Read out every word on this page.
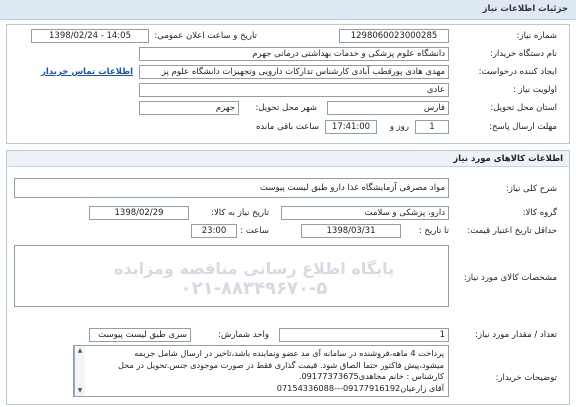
جزئیات اطلاعات نیاز
شماره نیاز:
1298060023000285
تاریخ و ساعت اعلان عمومی:
1398/02/24 - 14:05
نام دستگاه خریدار:
دانشگاه علوم پزشکی و خدمات بهداشتی درمانی جهرم
ایجاد کننده درخواست:
مهدی هادی پورقطب آبادی کارشناس تدارکات دارویی وتجهیزات دانشگاه علوم پز
اطلاعات تماس خریدار
اولویت نیاز :
عادی
استان محل تحویل:
فارس
شهر محل تحویل:
جهرم
مهلت ارسال پاسخ:
1
روز و
17:41:00
ساعت باقی مانده
اطلاعات کالاهای مورد نیاز
شرح کلی نیاز:
مواد مصرفی آزمایشگاه غذا دارو طبق لیست پیوست
گروه کالا:
دارو، پزشکی و سلامت
تاریخ نیاز به کالا:
1398/02/29
حداقل تاریخ اعتبار قیمت:
تا تاریخ :
1398/03/31
ساعت :
23:00
مشخصات کالای مورد نیاز:
پایگاه اطلاع رسانی مناقصه ومزایده
۰۲۱-۸۸۳۴۹۶۷۰-۵
تعداد / مقدار مورد نیاز:
1
واحد شمارش:
سری طبق لیست پیوست
توضیحات خریدار:
▲
▼
پرداخت 4 ماهه،فروشنده در سامانه آی مد عضو ونماینده باشد،تاخیر در ارسال شامل جریمه
میشود،پیش فاکتور حتما الصاق شود. قیمت گذاری فقط در صورت موجودی جنس.تحویل در محل
کارشناس : خانم مجاهدی09177373675.
آقای زارعیان09177916192---07154336088
